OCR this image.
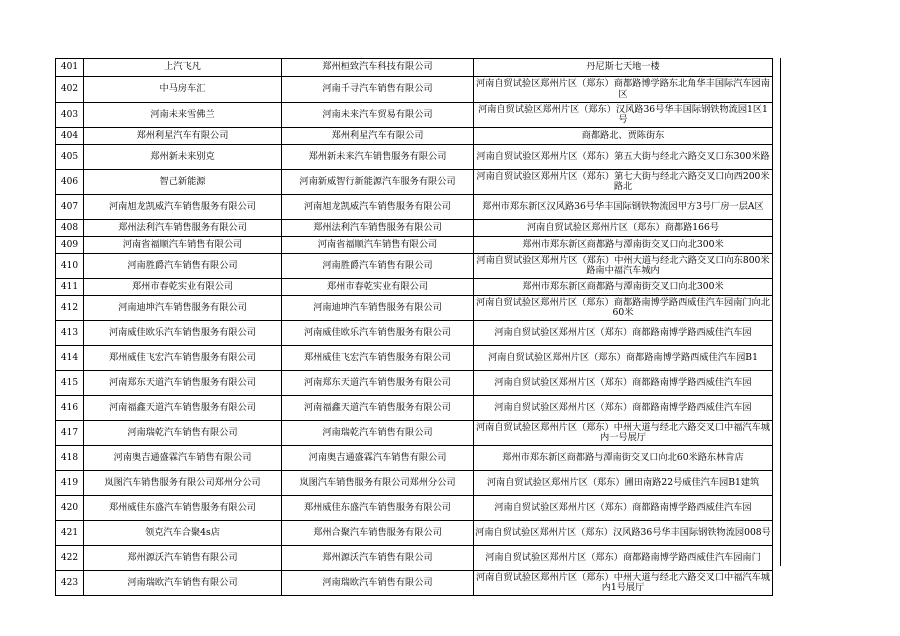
401	上汽飞凡	郑州桓致汽车科技有限公司	丹尼斯七天地一楼
402	中马房车汇	河南千寻汽车销售有限公司	河南自贸试验区郑州片区（郑东）商都路博学路东北角华丰国际汽车园南区
403	河南未来雪佛兰	河南未来汽车贸易有限公司	河南自贸试验区郑州片区（郑东）汉风路36号华丰国际钢铁物流园1区1号
404	郑州利星汽车有限公司	郑州利星汽车有限公司	商都路北、贾陈街东
405	郑州新未来别克	郑州新未来汽车销售服务有限公司	河南自贸试验区郑州片区（郑东）第五大街与经北六路交叉口东300米路
406	智己新能源	河南新威智行新能源汽车服务有限公司	河南自贸试验区郑州片区（郑东）第七大街与经北六路交叉口向西200米路北
407	河南旭龙凯威汽车销售服务有限公司	河南旭龙凯威汽车销售服务有限公司	郑州市郑东新区汉风路36号华丰国际钢铁物流园甲方3号厂房一层A区
408	郑州法利汽车销售服务有限公司	郑州法利汽车销售服务有限公司	河南自贸试验区郑州片区（郑东）商都路166号
409	河南省福顺汽车销售有限公司	河南省福顺汽车销售有限公司	郑州市郑东新区商都路与潭南街交叉口向北300米
410	河南胜爵汽车销售有限公司	河南胜爵汽车销售有限公司	河南自贸试验区郑州片区（郑东）中州大道与经北六路交叉口向东800米路南中福汽车城内
411	郑州市春乾实业有限公司	郑州市春乾实业有限公司	郑州市郑东新区商都路与潭南街交叉口向北300米
412	河南迪坤汽车销售服务有限公司	河南迪坤汽车销售服务有限公司	河南自贸试验区郑州片区（郑东）商都路南博学路西威佳汽车园南门向北60米
413	河南威佳欧乐汽车销售服务有限公司	河南威佳欧乐汽车销售服务有限公司	河南自贸试验区郑州片区（郑东）商都路南博学路西威佳汽车园
414	郑州威佳飞宏汽车销售服务有限公司	郑州威佳飞宏汽车销售服务有限公司	河南自贸试验区郑州片区（郑东）商都路南博学路西威佳汽车园B1
415	河南郑东天道汽车销售服务有限公司	河南郑东天道汽车销售服务有限公司	河南自贸试验区郑州片区（郑东）商都路南博学路西威佳汽车园
416	河南福鑫天道汽车销售服务有限公司	河南福鑫天道汽车销售服务有限公司	河南自贸试验区郑州片区（郑东）商都路南博学路西威佳汽车园
417	河南瑞乾汽车销售有限公司	河南瑞乾汽车销售有限公司	河南自贸试验区郑州片区（郑东）中州大道与经北六路交叉口中福汽车城内一号展厅
418	河南奥吉通盛霖汽车销售有限公司	河南奥吉通盛霖汽车销售有限公司	郑州市郑东新区商都路与潭南街交叉口向北60米路东林肯店
419	岚图汽车销售服务有限公司郑州分公司	岚图汽车销售服务有限公司郑州分公司	河南自贸试验区郑州片区（郑东）圃田南路22号威佳汽车园B1建筑
420	郑州威佳东盛汽车销售服务有限公司	郑州威佳东盛汽车销售服务有限公司	河南自贸试验区郑州片区（郑东）商都路南博学路西威佳汽车园
421	领克汽车合聚4s店	郑州合聚汽车销售服务有限公司	河南自贸试验区郑州片区（郑东）汉风路36号华丰国际钢铁物流园008号
422	郑州源沃汽车销售有限公司	郑州源沃汽车销售有限公司	河南自贸试验区郑州片区（郑东）商都路南博学路西威佳汽车园南门
423	河南瑞欧汽车销售有限公司	河南瑞欧汽车销售有限公司	河南自贸试验区郑州片区（郑东）中州大道与经北六路交叉口中福汽车城内1号展厅
